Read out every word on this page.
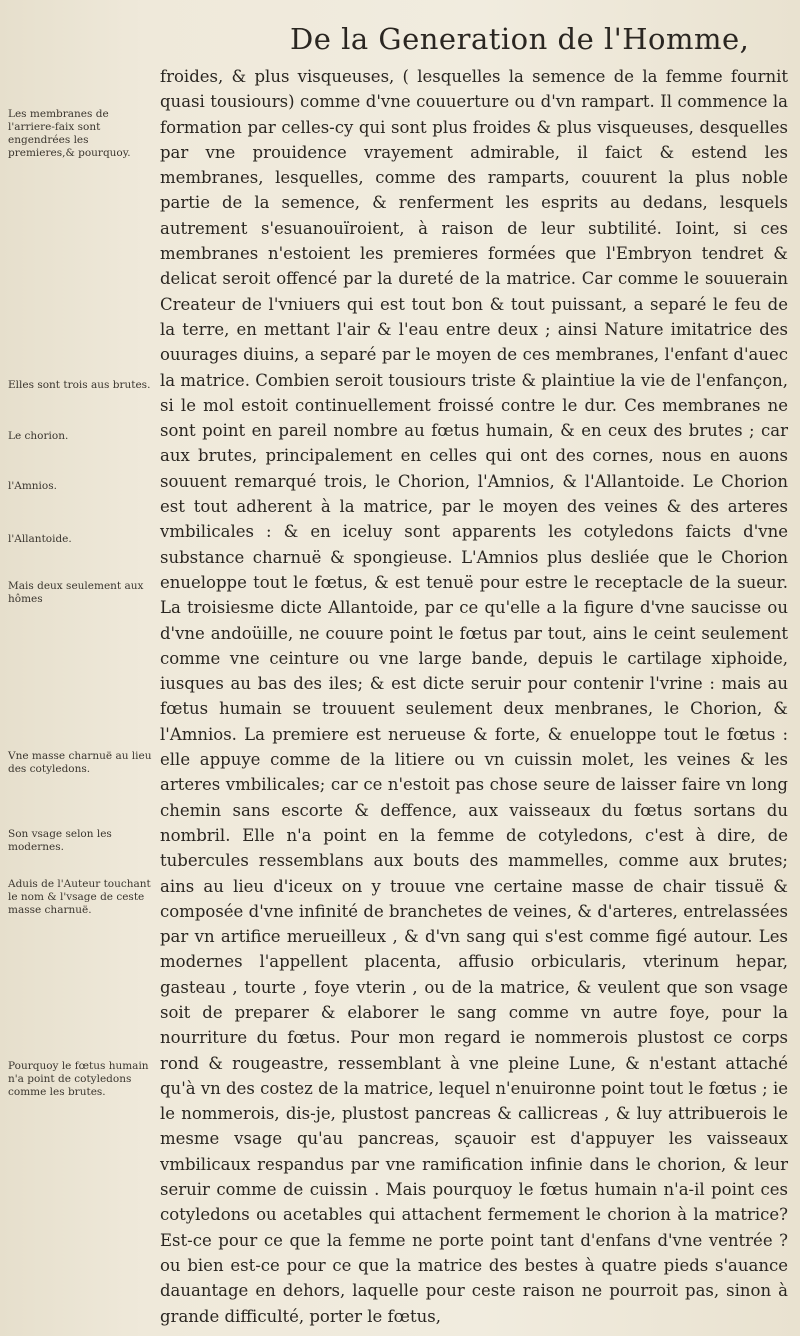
De la Generation de l'Homme,
Les membranes de l'arriere-faix sont engendrées les premieres,& pourquoy.
Elles sont trois aus brutes.
Le chorion.
l'Amnios.
l'Allantoide.
Mais deux seulement aux hômes
Vne masse charnuë au lieu des cotyledons.
Son vsage selon les modernes.
Aduis de l'Auteur touchant le nom & l'vsage de ceste masse charnuë.
Pourquoy le fœtus humain n'a point de cotyledons comme les brutes.

froides, & plus visqueuses, ( lesquelles la semence de la femme fournit quasi tousiours) comme d'vne couuerture ou d'vn rampart. Il commence la formation par celles-cy qui sont plus froides & plus visqueuses, desquelles par vne prouidence vrayement admirable, il faict & estend les membranes, lesquelles, comme des ramparts, couurent la plus noble partie de la semence, & renferment les esprits au dedans, lesquels autrement s'esuanouïroient, à raison de leur subtilité. Ioint, si ces membranes n'estoient les premieres formées que l'Embryon tendret & delicat seroit offencé par la dureté de la matrice. Car comme le souuerain Createur de l'vniuers qui est tout bon & tout puissant, a separé le feu de la terre, en mettant l'air & l'eau entre deux ; ainsi Nature imitatrice des ouurages diuins, a separé par le moyen de ces membranes, l'enfant d'auec la matrice. Combien seroit tousiours triste & plaintiue la vie de l'enfançon, si le mol estoit continuellement froissé contre le dur. Ces membranes ne sont point en pareil nombre au fœtus humain, & en ceux des brutes ; car aux brutes, principalement en celles qui ont des cornes, nous en auons souuent remarqué trois, le Chorion, l'Amnios, & l'Allantoide. Le Chorion est tout adherent à la matrice, par le moyen des veines & des arteres vmbilicales : & en iceluy sont apparents les cotyledons faicts d'vne substance charnuë & spongieuse. L'Amnios plus desliée que le Chorion enueloppe tout le fœtus, & est tenuë pour estre le receptacle de la sueur. La troisiesme dicte Allantoide, par ce qu'elle a la figure d'vne saucisse ou d'vne andoüille, ne couure point le fœtus par tout, ains le ceint seulement comme vne ceinture ou vne large bande, depuis le cartilage xiphoide, iusques au bas des iles; & est dicte seruir pour contenir l'vrine : mais au fœtus humain se trouuent seulement deux menbranes, le Chorion, & l'Amnios. La premiere est nerueuse & forte, & enueloppe tout le fœtus : elle appuye comme de la litiere ou vn cuissin molet, les veines & les arteres vmbilicales; car ce n'estoit pas chose seure de laisser faire vn long chemin sans escorte & deffence, aux vaisseaux du fœtus sortans du nombril. Elle n'a point en la femme de cotyledons, c'est à dire, de tubercules ressemblans aux bouts des mammelles, comme aux brutes; ains au lieu d'iceux on y trouue vne certaine masse de chair tissuë & composée d'vne infinité de branchetes de veines, & d'arteres, entrelassées par vn artifice merueilleux , & d'vn sang qui s'est comme figé autour. Les modernes l'appellent placenta, affusio orbicularis, vterinum hepar, gasteau , tourte , foye vterin , ou de la matrice, & veulent que son vsage soit de preparer & elaborer le sang comme vn autre foye, pour la nourriture du fœtus. Pour mon regard ie nommerois plustost ce corps rond & rougeastre, ressemblant à vne pleine Lune, & n'estant attaché qu'à vn des costez de la matrice, lequel n'enuironne point tout le fœtus ; ie le nommerois, dis-je, plustost pancreas & callicreas , & luy attribuerois le mesme vsage qu'au pancreas, sçauoir est d'appuyer les vaisseaux vmbilicaux respandus par vne ramification infinie dans le chorion, & leur seruir comme de cuissin . Mais pourquoy le fœtus humain n'a-il point ces cotyledons ou acetables qui attachent fermement le chorion à la matrice? Est-ce pour ce que la femme ne porte point tant d'enfans d'vne ventrée ? ou bien est-ce pour ce que la matrice des bestes à quatre pieds s'auance dauantage en dehors, laquelle pour ceste raison ne pourroit pas, sinon à grande difficulté, porter le fœtus,
